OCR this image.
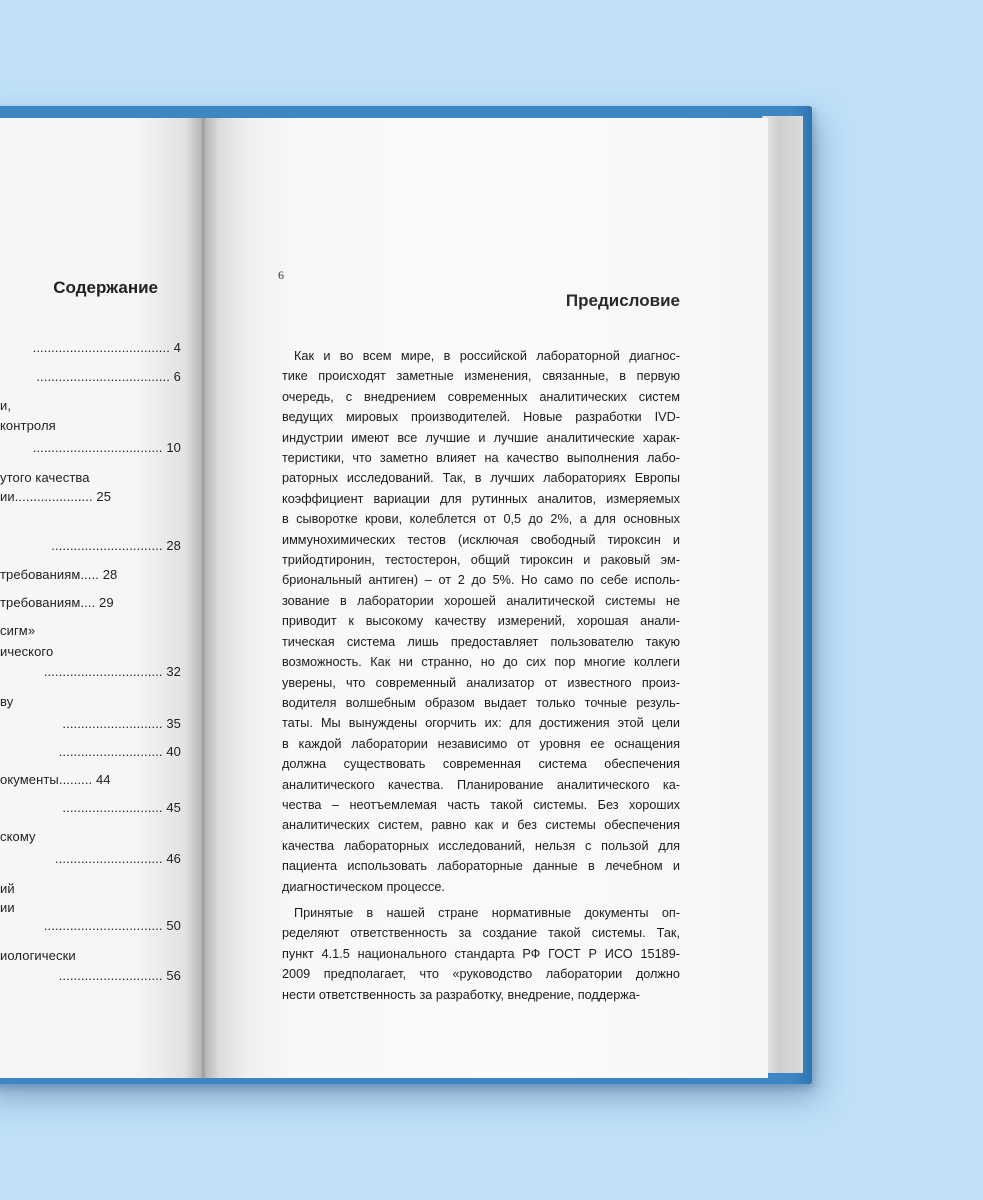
Содержание
..................................... 4
.................................... 6
и,
контроля
................................... 10
утого качества
ии..................... 25
.............................. 28
требованиям..... 28
требованиям.... 29
сигм»
ического
................................ 32
ву
........................... 35
............................ 40
окументы......... 44
........................... 45
скому
............................. 46
ий
ии
................................ 50
иологически
............................ 56
6
Предисловие
Как и во всем мире, в российской лабораторной диагнос-
тике происходят заметные изменения, связанные, в первую
очередь, с внедрением современных аналитических систем
ведущих мировых производителей. Новые разработки IVD-
индустрии имеют все лучшие и лучшие аналитические харак-
теристики, что заметно влияет на качество выполнения лабо-
раторных исследований. Так, в лучших лабораториях Европы
коэффициент вариации для рутинных аналитов, измеряемых
в сыворотке крови, колеблется от 0,5 до 2%, а для основных
иммунохимических тестов (исключая свободный тироксин и
трийодтиронин, тестостерон, общий тироксин и раковый эм-
бриональный антиген) – от 2 до 5%. Но само по себе исполь-
зование в лаборатории хорошей аналитической системы не
приводит к высокому качеству измерений, хорошая анали-
тическая система лишь предоставляет пользователю такую
возможность. Как ни странно, но до сих пор многие коллеги
уверены, что современный анализатор от известного произ-
водителя волшебным образом выдает только точные резуль-
таты. Мы вынуждены огорчить их: для достижения этой цели
в каждой лаборатории независимо от уровня ее оснащения
должна существовать современная система обеспечения
аналитического качества. Планирование аналитического ка-
чества – неотъемлемая часть такой системы. Без хороших
аналитических систем, равно как и без системы обеспечения
качества лабораторных исследований, нельзя с пользой для
пациента использовать лабораторные данные в лечебном и
диагностическом процессе.
Принятые в нашей стране нормативные документы оп-
ределяют ответственность за создание такой системы. Так,
пункт 4.1.5 национального стандарта РФ ГОСТ Р ИСО 15189-
2009 предполагает, что «руководство лаборатории должно
нести ответственность за разработку, внедрение, поддержа-
